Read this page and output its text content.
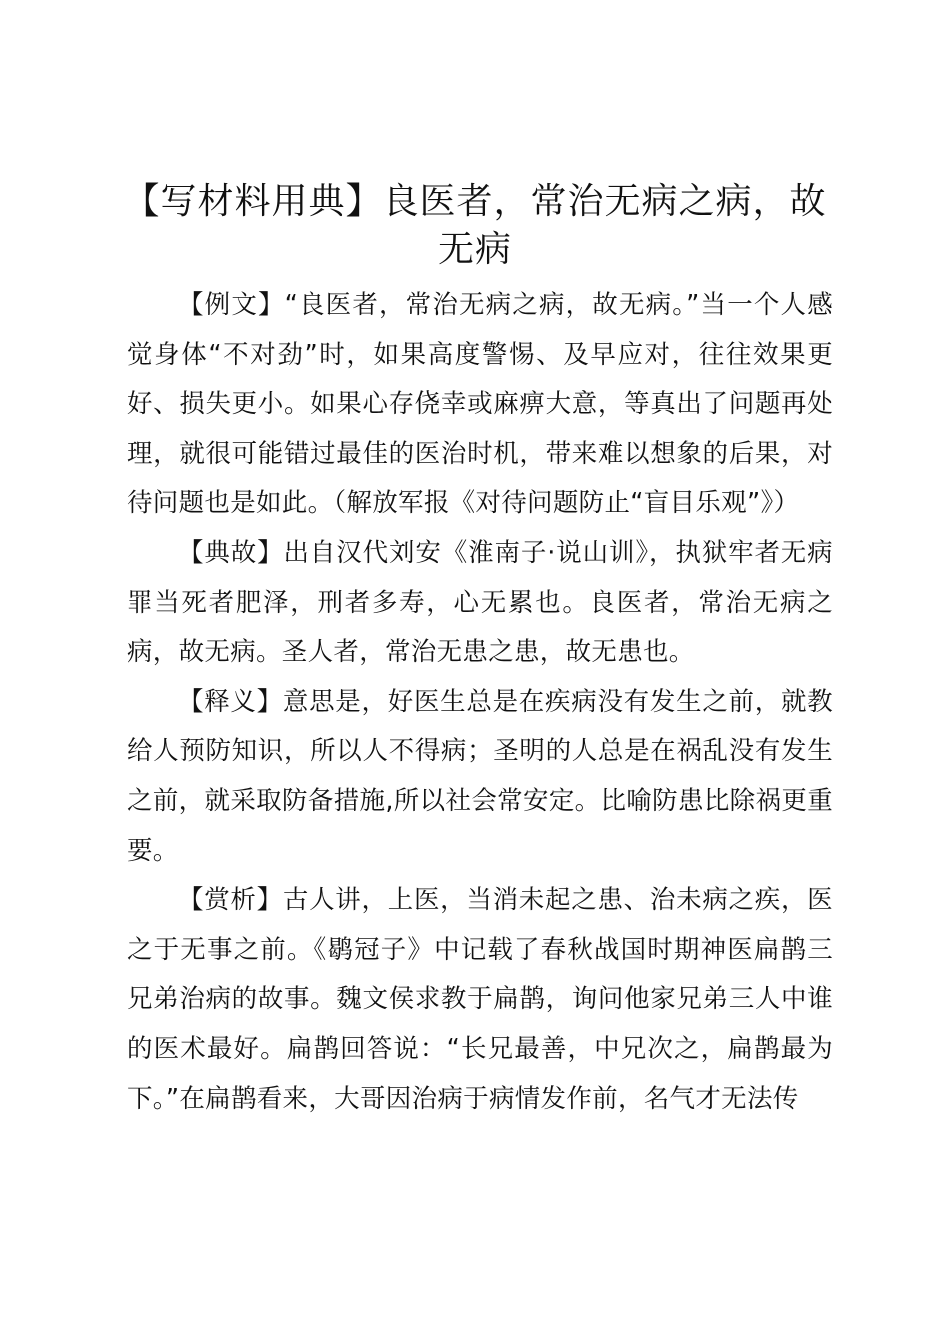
【写材料用典】良医者，常治无病之病，故无病

【例文】“良医者，常治无病之病，故无病。”当一个人感觉身体“不对劲”时，如果高度警惕、及早应对，往往效果更好、损失更小。如果心存侥幸或麻痹大意，等真出了问题再处理，就很可能错过最佳的医治时机，带来难以想象的后果，对待问题也是如此。（解放军报《对待问题防止“盲目乐观”》）

【典故】出自汉代刘安《淮南子·说山训》，执狱牢者无病罪当死者肥泽，刑者多寿，心无累也。良医者，常治无病之病，故无病。圣人者，常治无患之患，故无患也。

【释义】意思是，好医生总是在疾病没有发生之前，就教给人预防知识，所以人不得病；圣明的人总是在祸乱没有发生之前，就采取防备措施,所以社会常安定。比喻防患比除祸更重要。

【赏析】古人讲，上医，当消未起之患、治未病之疾，医之于无事之前。《鹖冠子》中记载了春秋战国时期神医扁鹊三兄弟治病的故事。魏文侯求教于扁鹊，询问他家兄弟三人中谁的医术最好。扁鹊回答说：“长兄最善，中兄次之，扁鹊最为下。”在扁鹊看来，大哥因治病于病情发作前，名气才无法传
